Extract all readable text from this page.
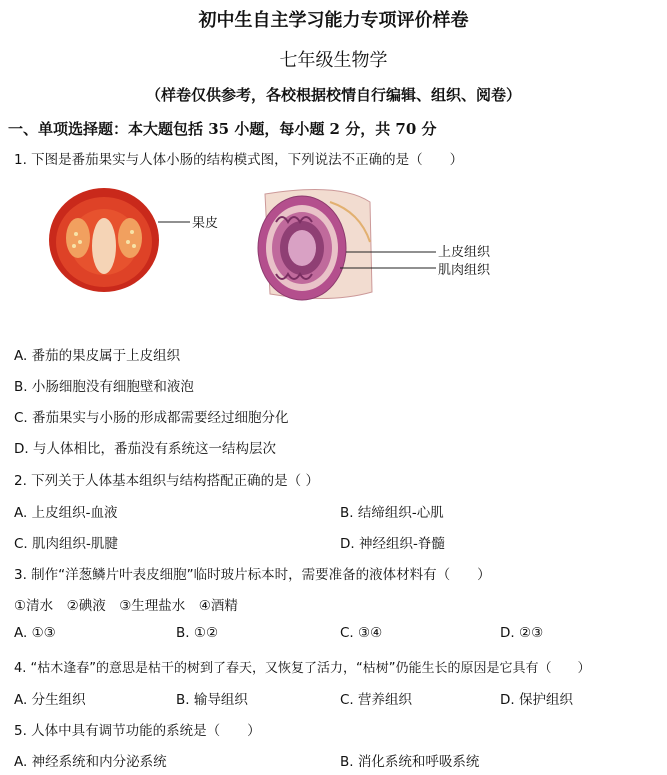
初中生自主学习能力专项评价样卷
七年级生物学
（样卷仅供参考，各校根据校情自行编辑、组织、阅卷）
一、单项选择题：本大题包括 35 小题，每小题 2 分，共 70 分
1. 下图是番茄果实与人体小肠的结构模式图，下列说法不正确的是（　　）
果皮
上皮组织
肌肉组织
A. 番茄的果皮属于上皮组织
B. 小肠细胞没有细胞壁和液泡
C. 番茄果实与小肠的形成都需要经过细胞分化
D. 与人体相比，番茄没有系统这一结构层次
2. 下列关于人体基本组织与结构搭配正确的是（ ）
A. 上皮组织-血液	B. 结缔组织-心肌
C. 肌肉组织-肌腱	D. 神经组织-脊髓
3. 制作“洋葱鳞片叶表皮细胞”临时玻片标本时，需要准备的液体材料有（　　）
①清水　②碘液　③生理盐水　④酒精
A. ①③	B. ①②	C. ③④	D. ②③
4. “枯木逢春”的意思是枯干的树到了春天，又恢复了活力，“枯树”仍能生长的原因是它具有（　　）
A. 分生组织	B. 输导组织	C. 营养组织	D. 保护组织
5. 人体中具有调节功能的系统是（　　）
A. 神经系统和内分泌系统	B. 消化系统和呼吸系统
